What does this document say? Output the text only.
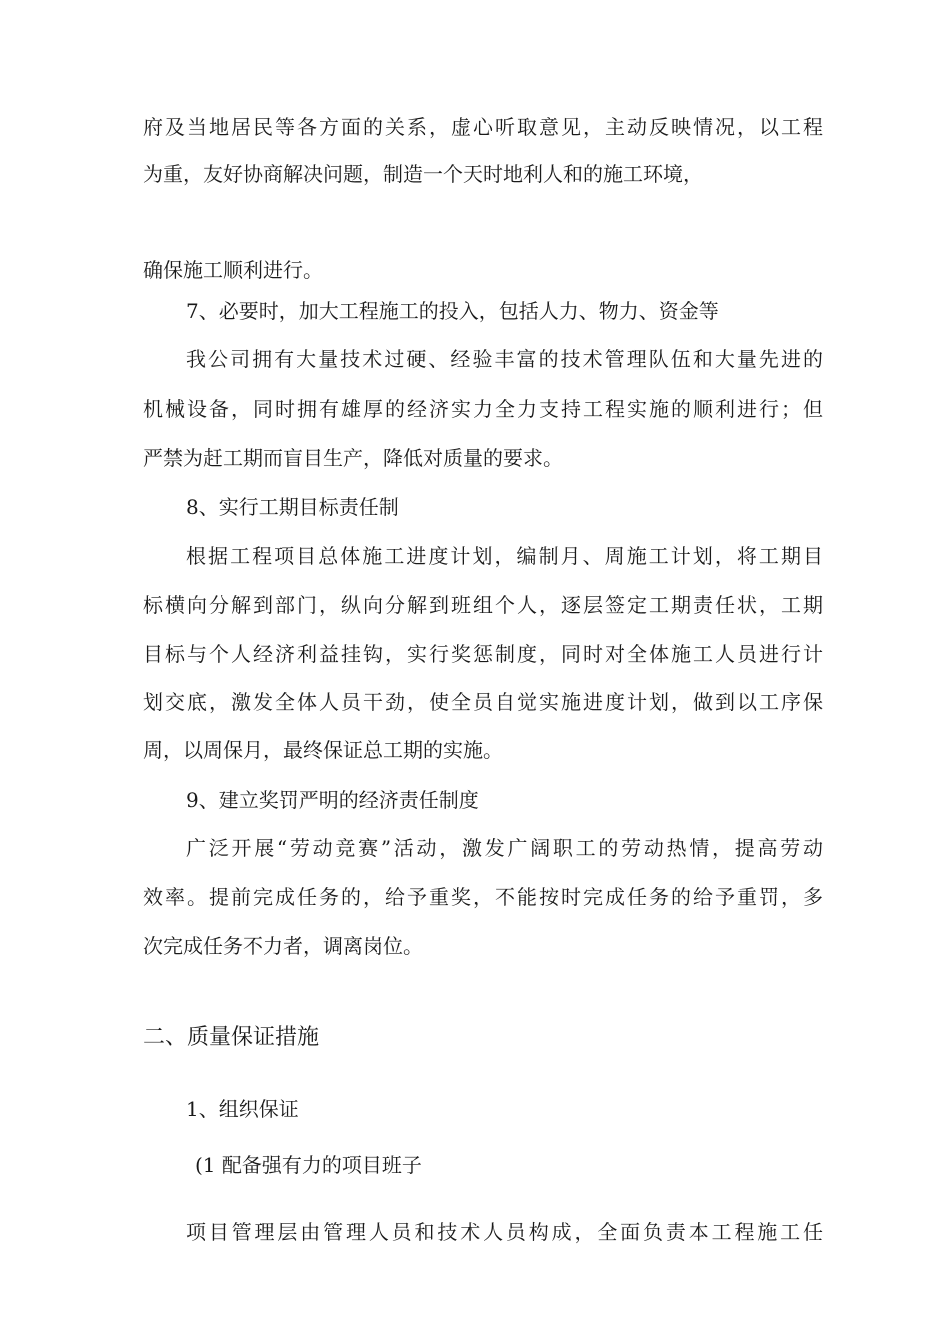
府及当地居民等各方面的关系，虚心听取意见，主动反映情况，以工程
为重，友好协商解决问题，制造一个天时地利人和的施工环境，
确保施工顺利进行。
7、必要时，加大工程施工的投入，包括人力、物力、资金等
我公司拥有大量技术过硬、经验丰富的技术管理队伍和大量先进的
机械设备，同时拥有雄厚的经济实力全力支持工程实施的顺利进行；但
严禁为赶工期而盲目生产，降低对质量的要求。
8、实行工期目标责任制
根据工程项目总体施工进度计划，编制月、周施工计划，将工期目
标横向分解到部门，纵向分解到班组个人，逐层签定工期责任状，工期
目标与个人经济利益挂钩，实行奖惩制度，同时对全体施工人员进行计
划交底，激发全体人员干劲，使全员自觉实施进度计划，做到以工序保
周，以周保月，最终保证总工期的实施。
9、建立奖罚严明的经济责任制度
广泛开展“劳动竞赛”活动，激发广阔职工的劳动热情，提高劳动
效率。提前完成任务的，给予重奖，不能按时完成任务的给予重罚，多
次完成任务不力者，调离岗位。
二、质量保证措施
1、组织保证
(1 配备强有力的项目班子
项目管理层由管理人员和技术人员构成，全面负责本工程施工任
